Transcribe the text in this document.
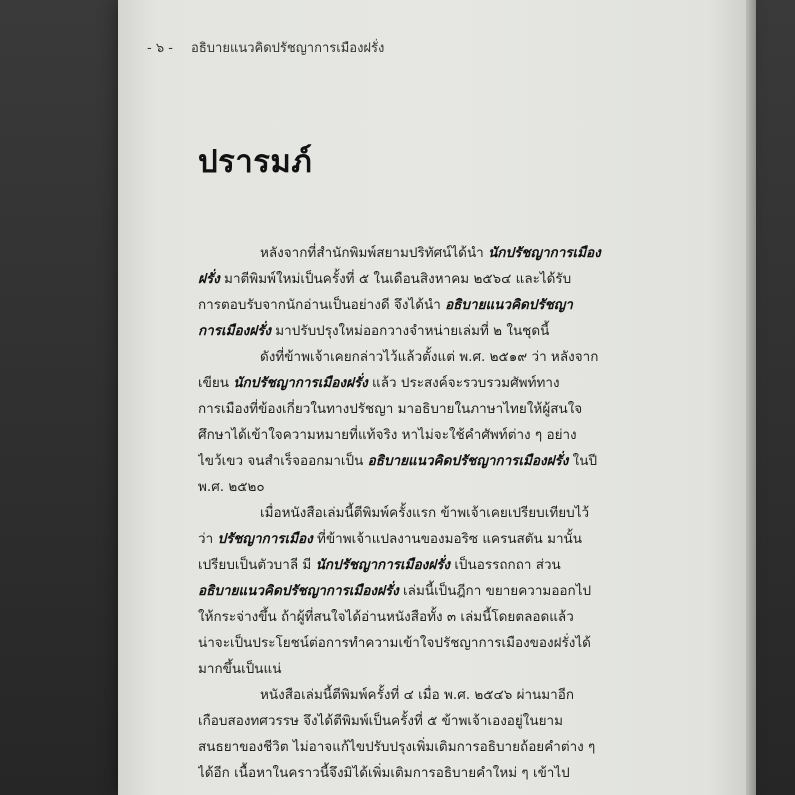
- ๖ - อธิบายแนวคิดปรัชญาการเมืองฝรั่ง
ปรารมภ์
หลังจากที่สำนักพิมพ์สยามปริทัศน์ได้นำ นักปรัชญาการเมือง
ฝรั่ง มาตีพิมพ์ใหม่เป็นครั้งที่ ๕ ในเดือนสิงหาคม ๒๕๖๔ และได้รับ
การตอบรับจากนักอ่านเป็นอย่างดี จึงได้นำ อธิบายแนวคิดปรัชญา
การเมืองฝรั่ง มาปรับปรุงใหม่ออกวางจำหน่ายเล่มที่ ๒ ในชุดนี้
ดังที่ข้าพเจ้าเคยกล่าวไว้แล้วตั้งแต่ พ.ศ. ๒๕๑๙ ว่า หลังจาก
เขียน นักปรัชญาการเมืองฝรั่ง แล้ว ประสงค์จะรวบรวมศัพท์ทาง
การเมืองที่ข้องเกี่ยวในทางปรัชญา มาอธิบายในภาษาไทยให้ผู้สนใจ
ศึกษาได้เข้าใจความหมายที่แท้จริง หาไม่จะใช้คำศัพท์ต่าง ๆ อย่าง
ไขว้เขว จนสำเร็จออกมาเป็น อธิบายแนวคิดปรัชญาการเมืองฝรั่ง ในปี
พ.ศ. ๒๕๒๐
เมื่อหนังสือเล่มนี้ตีพิมพ์ครั้งแรก ข้าพเจ้าเคยเปรียบเทียบไว้
ว่า ปรัชญาการเมือง ที่ข้าพเจ้าแปลงานของมอริซ แครนสตัน มานั้น
เปรียบเป็นตัวบาลี มี นักปรัชญาการเมืองฝรั่ง เป็นอรรถกถา ส่วน
อธิบายแนวคิดปรัชญาการเมืองฝรั่ง เล่มนี้เป็นฎีกา ขยายความออกไป
ให้กระจ่างขึ้น ถ้าผู้ที่สนใจได้อ่านหนังสือทั้ง ๓ เล่มนี้โดยตลอดแล้ว
น่าจะเป็นประโยชน์ต่อการทำความเข้าใจปรัชญาการเมืองของฝรั่งได้
มากขึ้นเป็นแน่
หนังสือเล่มนี้ตีพิมพ์ครั้งที่ ๔ เมื่อ พ.ศ. ๒๕๔๖ ผ่านมาอีก
เกือบสองทศวรรษ จึงได้ตีพิมพ์เป็นครั้งที่ ๕ ข้าพเจ้าเองอยู่ในยาม
สนธยาของชีวิต ไม่อาจแก้ไขปรับปรุงเพิ่มเติมการอธิบายถ้อยคำต่าง ๆ
ได้อีก เนื้อหาในคราวนี้จึงมิได้เพิ่มเติมการอธิบายคำใหม่ ๆ เข้าไป
